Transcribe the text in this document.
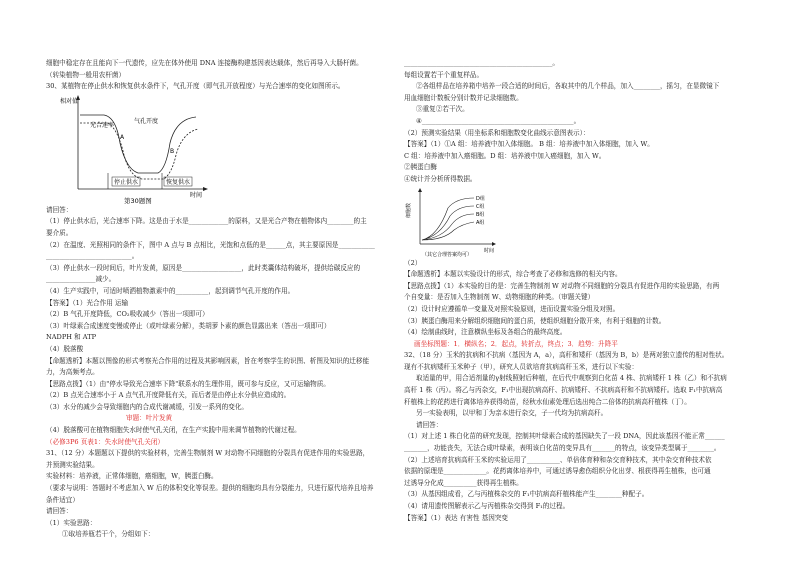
细胞中稳定存在且能向下一代遗传，应先在体外使用 DNA 连接酶构建基因表达载体，然后再导入大肠杆菌。
（转染植物一般用农杆菌）
30、某植物在停止供水和恢复供水条件下，气孔开度（即气孔开放程度）与光合速率的变化如图所示。
相对值
光合速率
气孔开度
A
B
停止供水	恢复供水
时间
第30题图
请回答：
（1）停止供水后，光合速率下降。这是由于水是____________的原料，又是光合产物在植物体内________的主
要介质。
（2）在温度、光照相同的条件下，图中 A 点与 B 点相比，光饱和点低的是______点，其主要原因是___________
__________________________。
（3）停止供水一段时间后，叶片发黄，原因是__________________，此时类囊体结构破坏，提供给碳反应的
_______________减少。
（4）生产实践中，可适时喷洒植物激素中的__________，起到调节气孔开度的作用。
【答案】（1）光合作用 运输
（2）B 气孔开度降低，CO₂吸收减少（答出一项即可）
（3）叶绿素合成速度变慢或停止（或叶绿素分解），类胡萝卜素的颜色显露出来（答出一项即可）
NADPH 和 ATP
（4）脱落酸
【命题透析】本题以图像的形式考察光合作用的过程及其影响因素，旨在考察学生的识图、析图及知识的迁移能
力，为高频考点。
【思路点拨】（1）由"停水导致光合速率下降"联系水的生理作用，既可参与反应，又可运输物质。
（2）B 点光合速率小于 A 点气孔开度降低有关，而后者是由停止水分供应造成的。
（3）水分的减少会导致细胞内的合成代谢减缓，引发一系列的变化。
审题：叶片发黄
（4）脱落酸可在植物细胞失水时使气孔关闭，在生产实践中用来调节植物的代谢过程。
（必修3P6 页表1：失水时使气孔关闭）
31、（12 分）本题题以下提供的实验材料，完善生物制剂 W 对动物不同细胞的分裂具有促进作用的实验思路，
并预测实验结果。
实验材料：培养液，正常体细胞，癌细胞，W，胰蛋白酶。
（要求与说明：答题时不考虑加入 W 后的体积变化等误差。提供的细胞均具有分裂能力，只进行原代培养且培养
条件适宜）
请回答：
（1）实验思路：
①取培养瓶若干个，分组如下：
_____________________________________________。
每组设置若干个重复样品。
②各组样品在培养箱中培养一段合适的时间后，各取其中的几个样品，加入________，摇匀，在显微镜下
用血细胞计数板分别计数并记录细胞数。
③重复②若干次。
④______________________________________________。
（2）预测实验结果（用坐标系和细胞数变化曲线示意图表示）：
【答案】（1）①A 组：培养液中加入体细胞。 B 组：培养液中加入体细胞，加入 W。
C 组：培养液中加入癌细胞。D 组：培养液中加入癌细胞，加入 W。
②胰蛋白酶
④统计并分析所得数据。
细胞数
D组
C组
B组
A组
时间
（其它合理答案均可）
（2）
【命题透析】本题以实验设计的形式，综合考查了必修和选修的相关内容。
【思路点拨】（1）本实验的目的是：完善生物制剂 W 对动物不同细胞的分裂具有促进作用的实验思路，有两
个自变量：是否加入生物制剂 W、动物细胞的种类。（审题关键）
（2）设计时应遵循单一变量及对照实验原则，进而设置实验分组及对照。
（3）胰蛋白酶用来分解组织细胞间的蛋白质，使组织细胞分散开来，有利于细胞的计数。
（4）绘制曲线时，注意横纵坐标及各组合的最终高度。
画坐标图题：1．横纵名；2．起点，转折点，终点；3．趋势：升降平
32、（18 分）玉米的抗病和不抗病（基因为 A，a），高秆和矮秆（基因为 B，b）是两对独立遗传的相对性状。
现有不抗病矮秆玉米种子（甲），研究人员欲培育抗病高秆玉米，进行以下实验：
取适量的甲，用合适剂量的γ射线照射后种植，在后代中观察到白化苗 4 株、抗病矮秆 1 株（乙）和不抗病
高秆 1 株（丙）。将乙与丙杂交，F₁中出现抗病高秆、抗病矮秆、不抗病高秆和不抗病矮秆。选取 F₁中抗病高
秆植株上的花药进行离体培养获得幼苗，经秋水仙素处理后选出纯合二倍体的抗病高秆植株（丁）。
另一实验表明，以甲和丁为亲本进行杂交，子一代均为抗病高秆。
请回答：
（1）对上述 1 株白化苗的研究发现，控制其叶绿素合成的基因缺失了一段 DNA，因此该基因不能正常______
_______，功能丧失，无法合成叶绿素，表明该白化苗的变异具有_______的特点，该变异类型属于________。
（2）上述培育抗病高秆玉米的实验运用了__________、单倍体育种和杂交育种技术，其中杂交育种技术依
依据的原理是_____________。花药离体培养中，可通过诱导愈伤组织分化出芽、根获得再生植株，也可通
过诱导分化成__________获得再生植株。
（3）从基因组成看，乙与丙植株杂交的 F₁中抗病高秆植株能产生________种配子。
（4）请用遗传图解表示乙与丙植株杂交得到 F₁的过程。
【答案】（1）表达 有害性 基因突变
